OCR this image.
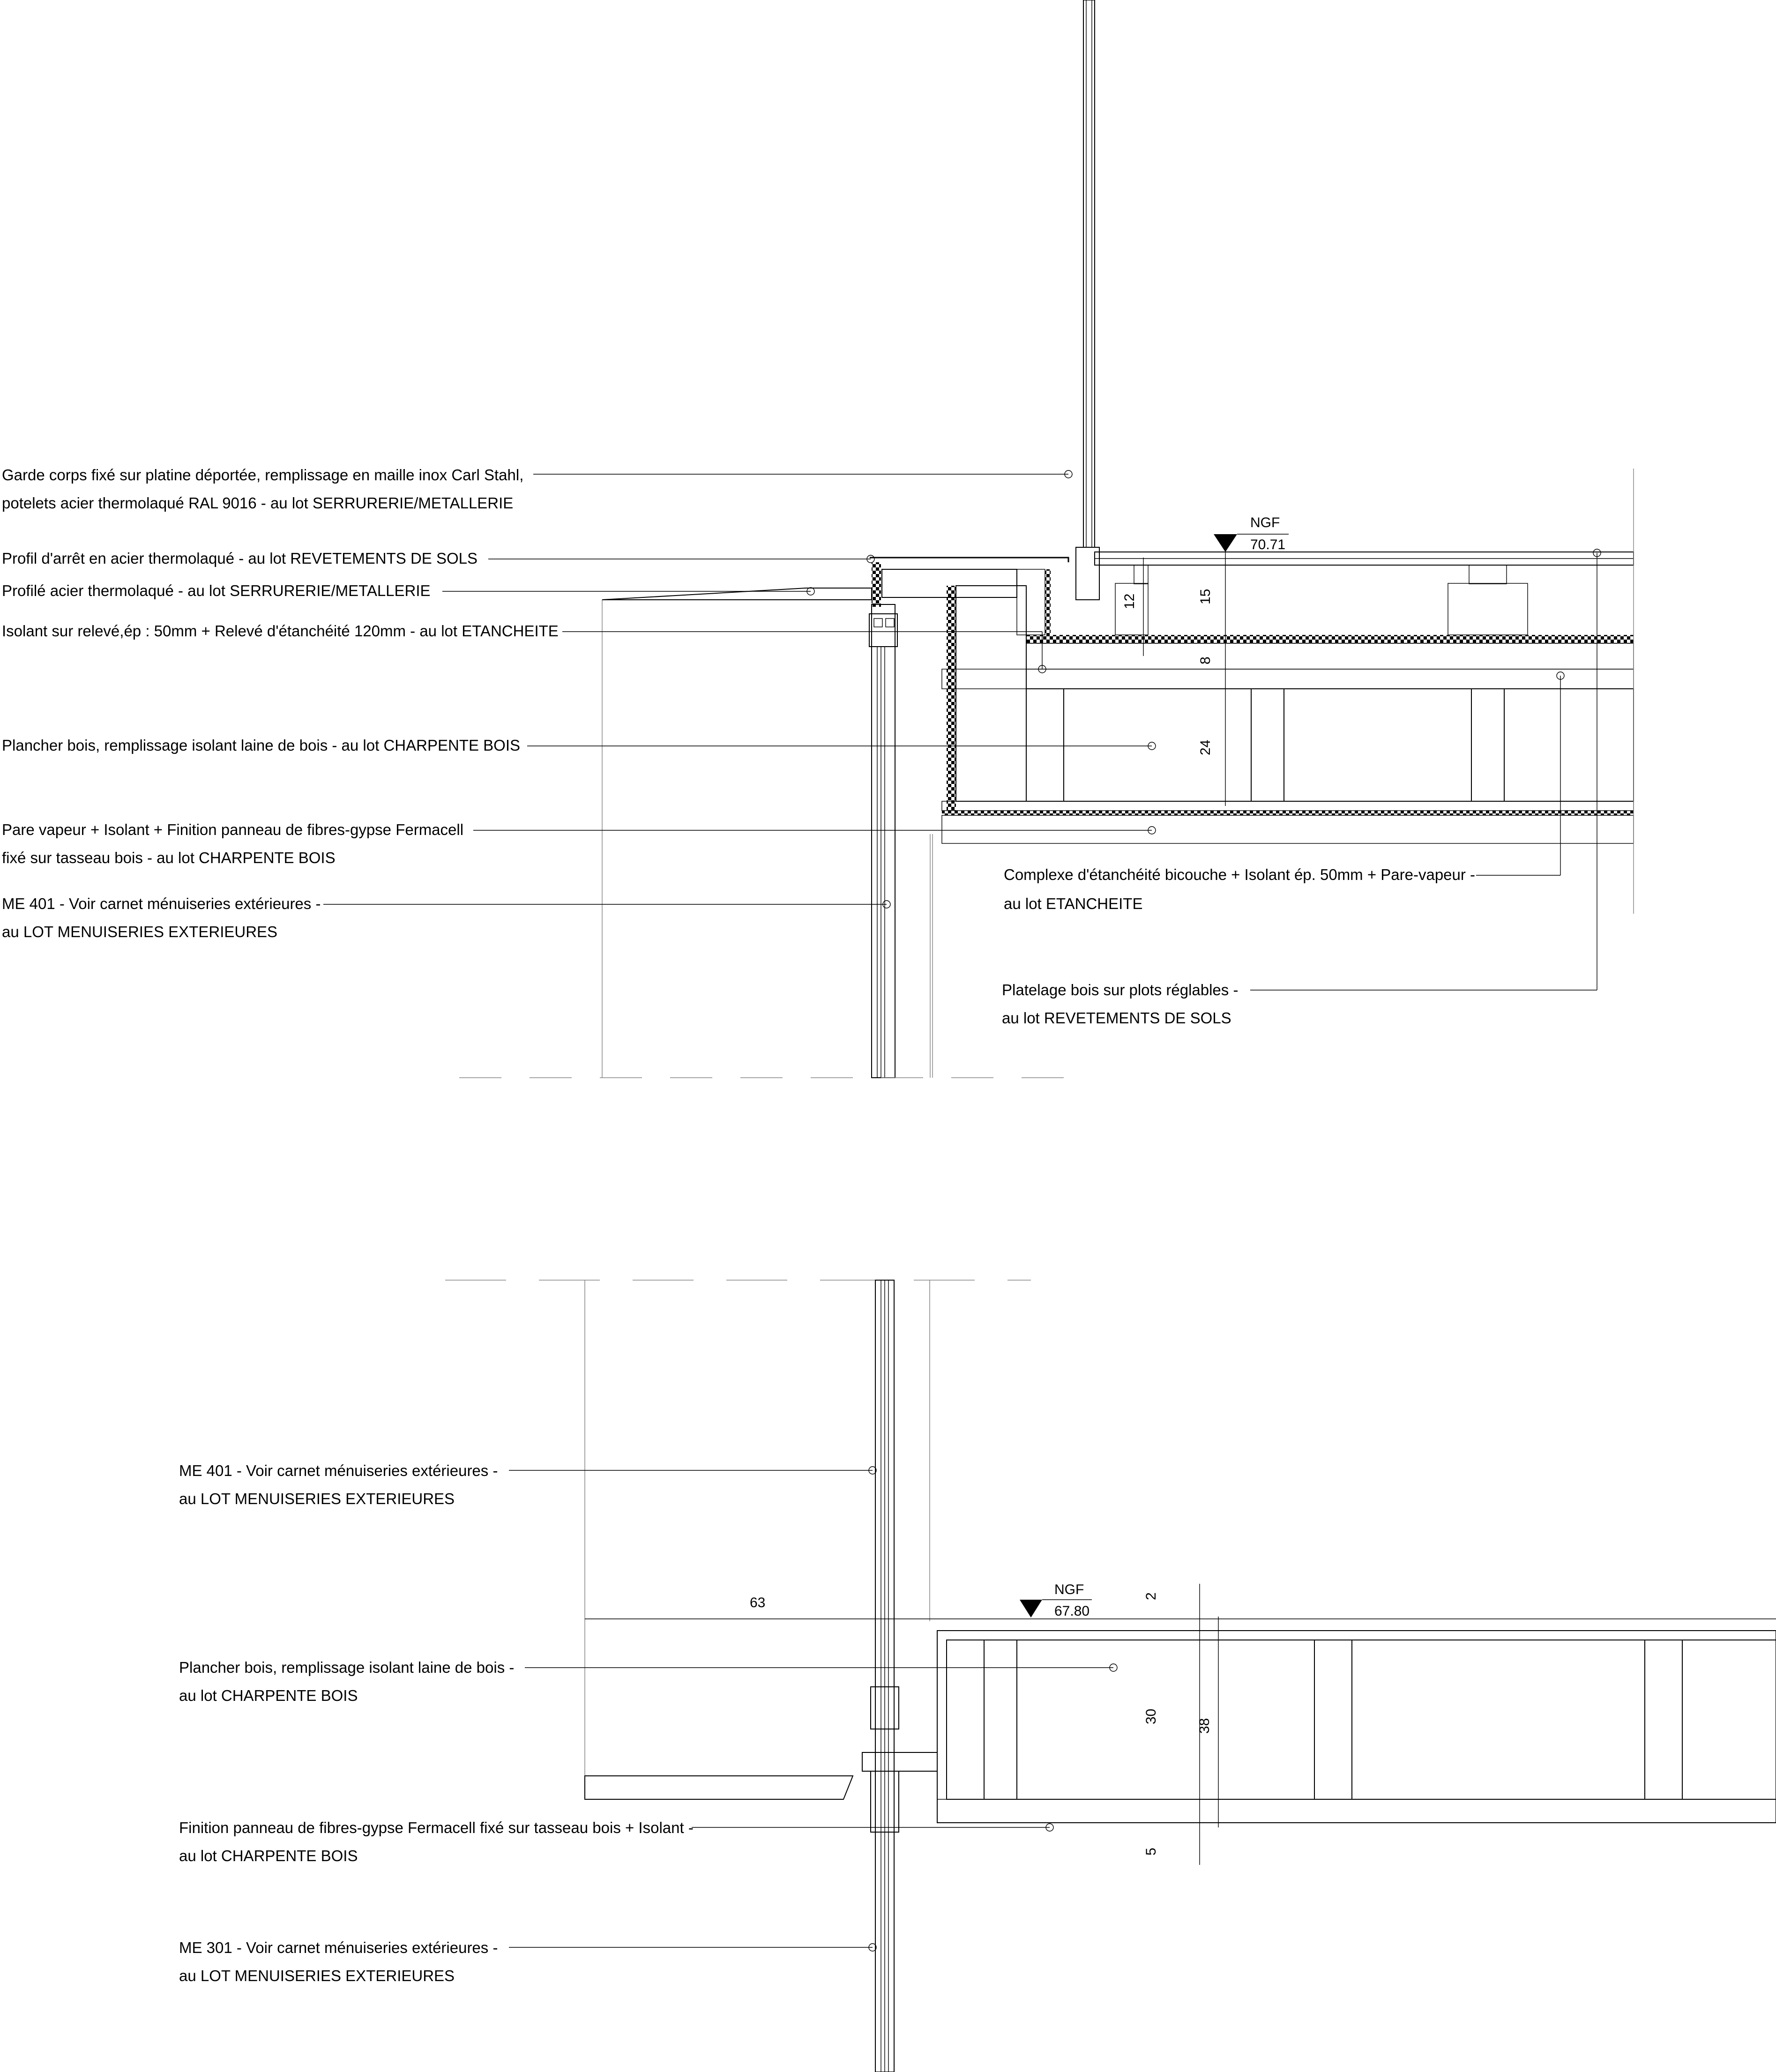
NGF
70.71
12	15
8
24
Garde corps fixé sur platine déportée, remplissage en maille inox Carl Stahl,
potelets acier thermolaqué RAL 9016 - au lot SERRURERIE/METALLERIE
Profil d'arrêt en acier thermolaqué - au lot REVETEMENTS DE SOLS
Profilé acier thermolaqué - au lot SERRURERIE/METALLERIE
Isolant sur relevé,ép : 50mm + Relevé d'étanchéité 120mm - au lot ETANCHEITE
Plancher bois, remplissage isolant laine de bois - au lot CHARPENTE BOIS
Pare vapeur + Isolant + Finition panneau de fibres-gypse Fermacell
fixé sur tasseau bois - au lot CHARPENTE BOIS
ME 401 - Voir carnet ménuiseries extérieures -
au LOT MENUISERIES EXTERIEURES
Complexe d'étanchéité bicouche + Isolant ép. 50mm + Pare-vapeur -
au lot ETANCHEITE
Platelage bois sur plots réglables -
au lot REVETEMENTS DE SOLS
NGF
67.80
63	2
30
38
5
ME 401 - Voir carnet ménuiseries extérieures -
au LOT MENUISERIES EXTERIEURES
Plancher bois, remplissage isolant laine de bois -
au lot CHARPENTE BOIS
Finition panneau de fibres-gypse Fermacell fixé sur tasseau bois + Isolant -
au lot CHARPENTE BOIS
ME 301 - Voir carnet ménuiseries extérieures -
au LOT MENUISERIES EXTERIEURES
